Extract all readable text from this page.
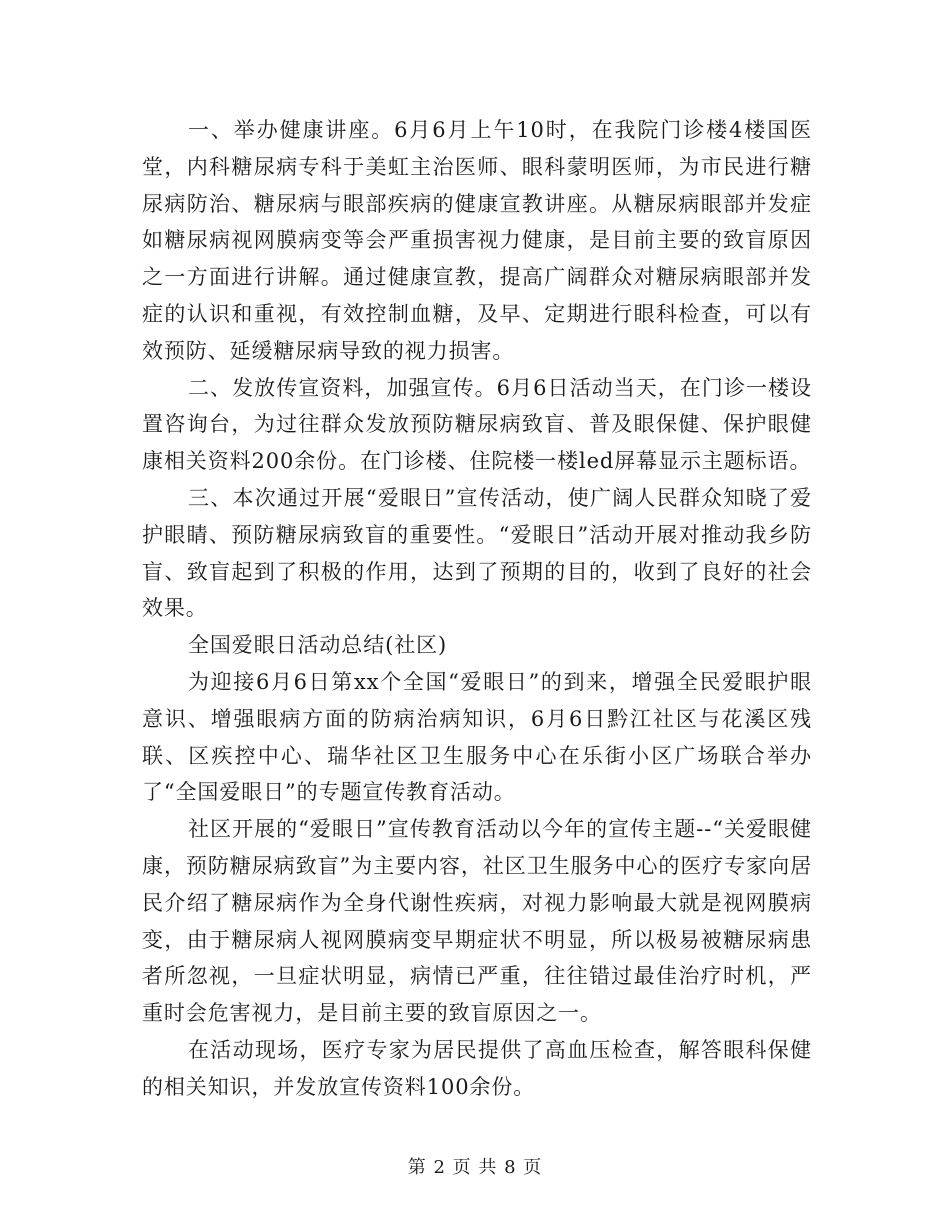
一、举办健康讲座。6月6月上午10时，在我院门诊楼4楼国医堂，内科糖尿病专科于美虹主治医师、眼科蒙明医师，为市民进行糖尿病防治、糖尿病与眼部疾病的健康宣教讲座。从糖尿病眼部并发症如糖尿病视网膜病变等会严重损害视力健康，是目前主要的致盲原因之一方面进行讲解。通过健康宣教，提高广阔群众对糖尿病眼部并发症的认识和重视，有效控制血糖，及早、定期进行眼科检查，可以有效预防、延缓糖尿病导致的视力损害。

二、发放传宣资料，加强宣传。6月6日活动当天，在门诊一楼设置咨询台，为过往群众发放预防糖尿病致盲、普及眼保健、保护眼健康相关资料200余份。在门诊楼、住院楼一楼led屏幕显示主题标语。

三、本次通过开展“爱眼日”宣传活动，使广阔人民群众知晓了爱护眼睛、预防糖尿病致盲的重要性。“爱眼日”活动开展对推动我乡防盲、致盲起到了积极的作用，达到了预期的目的，收到了良好的社会效果。

全国爱眼日活动总结(社区)

为迎接6月6日第xx个全国“爱眼日”的到来，增强全民爱眼护眼意识、增强眼病方面的防病治病知识，6月6日黔江社区与花溪区残联、区疾控中心、瑞华社区卫生服务中心在乐街小区广场联合举办了“全国爱眼日”的专题宣传教育活动。

社区开展的“爱眼日”宣传教育活动以今年的宣传主题--“关爱眼健康，预防糖尿病致盲”为主要内容，社区卫生服务中心的医疗专家向居民介绍了糖尿病作为全身代谢性疾病，对视力影响最大就是视网膜病变，由于糖尿病人视网膜病变早期症状不明显，所以极易被糖尿病患者所忽视，一旦症状明显，病情已严重，往往错过最佳治疗时机，严重时会危害视力，是目前主要的致盲原因之一。

在活动现场，医疗专家为居民提供了高血压检查，解答眼科保健的相关知识，并发放宣传资料100余份。

第 2 页 共 8 页
